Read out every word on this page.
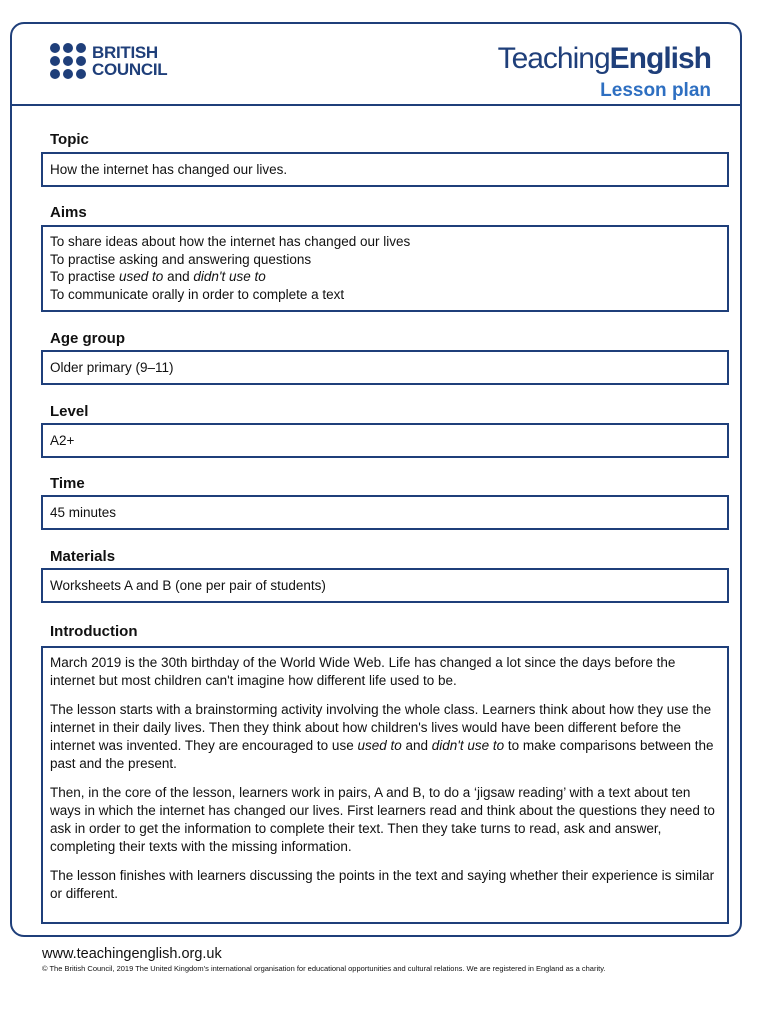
BRITISH
COUNCIL	TeachingEnglish
Lesson plan
Topic
How the internet has changed our lives.
Aims
To share ideas about how the internet has changed our lives
To practise asking and answering questions
To practise used to and didn't use to
To communicate orally in order to complete a text
Age group
Older primary (9–11)
Level
A2+
Time
45 minutes
Materials
Worksheets A and B (one per pair of students)
Introduction

March 2019 is the 30th birthday of the World Wide Web. Life has changed a lot since the days before the internet but most children can't imagine how different life used to be.

The lesson starts with a brainstorming activity involving the whole class. Learners think about how they use the internet in their daily lives. Then they think about how children's lives would have been different before the internet was invented. They are encouraged to use used to and didn't use to to make comparisons between the past and the present.

Then, in the core of the lesson, learners work in pairs, A and B, to do a ‘jigsaw reading’ with a text about ten ways in which the internet has changed our lives. First learners read and think about the questions they need to ask in order to get the information to complete their text. Then they take turns to read, ask and answer, completing their texts with the missing information.

The lesson finishes with learners discussing the points in the text and saying whether their experience is similar or different.

www.teachingenglish.org.uk
© The British Council, 2019 The United Kingdom’s international organisation for educational opportunities and cultural relations. We are registered in England as a charity.
